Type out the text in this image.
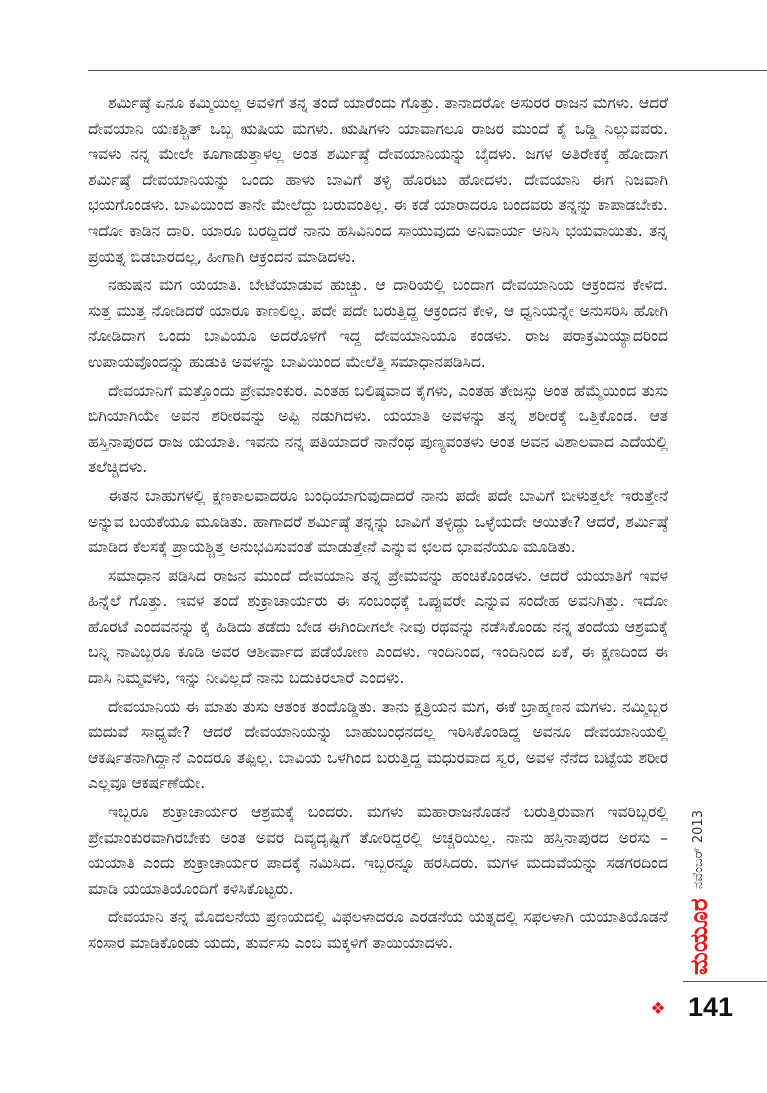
ಶರ್ಮಿಷ್ಠೆ ಏನೂ ಕಮ್ಮಿಯಿಲ್ಲ ಅವಳಿಗೆ ತನ್ನ ತಂದೆ ಯಾರೆಂದು ಗೊತ್ತು. ತಾನಾದರೋ ಅಸುರರ ರಾಜನ ಮಗಳು. ಆದರೆ ದೇವಯಾನಿ ಯಃಕಶ್ಚಿತ್ ಒಬ್ಬ ಋಷಿಯ ಮಗಳು. ಋಷಿಗಳು ಯಾವಾಗಲೂ ರಾಜರ ಮುಂದೆ ಕೈ ಒಡ್ಡಿ ನಿಲ್ಲುವವರು. ಇವಳು ನನ್ನ ಮೇಲೇ ಕೂಗಾಡುತ್ತಾಳಲ್ಲ ಅಂತ ಶರ್ಮಿಷ್ಠೆ ದೇವಯಾನಿಯನ್ನು ಬೈದಳು. ಜಗಳ ಅತಿರೇಕಕ್ಕೆ ಹೋದಾಗ ಶರ್ಮಿಷ್ಠೆ ದೇವಯಾನಿಯನ್ನು ಒಂದು ಹಾಳು ಬಾವಿಗೆ ತಳ್ಳಿ ಹೊರಟು ಹೋದಳು. ದೇವಯಾನಿ ಈಗ ನಿಜವಾಗಿ ಭಯಗೊಂಡಳು. ಬಾವಿಯಿಂದ ತಾನೇ ಮೇಲೆದ್ದು ಬರುವಂತಿಲ್ಲ. ಈ ಕಡೆ ಯಾರಾದರೂ ಬಂದವರು ತನ್ನನ್ನು ಕಾಪಾಡಬೇಕು. ಇದೋ ಕಾಡಿನ ದಾರಿ. ಯಾರೂ ಬರದ್ದಿದರೆ ನಾನು ಹಸಿವಿನಿಂದ ಸಾಯುವುದು ಅನಿವಾರ್ಯ ಅನಿಸಿ ಭಯವಾಯಿತು. ತನ್ನ ಪ್ರಯತ್ನ ಬಿಡಬಾರದಲ್ಲ, ಹೀಗಾಗಿ ಆಕ್ರಂದನ ಮಾಡಿದಳು.

ನಹುಷನ ಮಗ ಯಯಾತಿ. ಬೇಟೆಯಾಡುವ ಹುಚ್ಚು. ಆ ದಾರಿಯಲ್ಲಿ ಬಂದಾಗ ದೇವಯಾನಿಯ ಆಕ್ರಂದನ ಕೇಳಿದ. ಸುತ್ತ ಮುತ್ತ ನೋಡಿದರೆ ಯಾರೂ ಕಾಣಲಿಲ್ಲ. ಪದೇ ಪದೇ ಬರುತ್ತಿದ್ದ ಆಕ್ರಂದನ ಕೇಳಿ, ಆ ಧ್ವನಿಯನ್ನೇ ಅನುಸರಿಸಿ ಹೋಗಿ ನೋಡಿದಾಗ ಒಂದು ಬಾವಿಯೂ ಅದರೊಳಗೆ ಇದ್ದ ದೇವಯಾನಿಯೂ ಕಂಡಳು. ರಾಜ ಪರಾಕ್ರಮಿಯ್ಯಾದರಿಂದ ಉಪಾಯವೊಂದನ್ನು ಹುಡುಕಿ ಅವಳನ್ನು ಬಾವಿಯಿಂದ ಮೇಲೆತ್ತಿ ಸಮಾಧಾನಪಡಿಸಿದ.

ದೇವಯಾನಿಗೆ ಮತ್ತೊಂದು ಪ್ರೇಮಾಂಕುರ. ಎಂತಹ ಬಲಿಷ್ಠವಾದ ಕೈಗಳು, ಎಂತಹ ತೇಜಸ್ಸು ಅಂತ ಹೆಮ್ಮೆಯಿಂದ ತುಸು ಬಿಗಿಯಾಗಿಯೇ ಅವನ ಶರೀರವನ್ನು ಅಪ್ಪಿ ನಡುಗಿದಳು. ಯಯಾತಿ ಅವಳನ್ನು ತನ್ನ ಶರೀರಕ್ಕೆ ಒತ್ತಿಕೊಂಡ. ಆತ ಹಸ್ತಿನಾಪುರದ ರಾಜ ಯಯಾತಿ. ಇವನು ನನ್ನ ಪತಿಯಾದರೆ ನಾನೆಂಥ ಪುಣ್ಯವಂತಳು ಅಂತ ಅವನ ವಿಶಾಲವಾದ ಎದೆಯಲ್ಲಿ ತಲೆಚ್ಚಿದಳು.

ಈತನ ಬಾಹುಗಳಲ್ಲಿ ಕ್ಷಣಕಾಲವಾದರೂ ಬಂಧಿಯಾಗುವುದಾದರೆ ನಾನು ಪದೇ ಪದೇ ಬಾವಿಗೆ ಬೀಳುತ್ತಲೇ ಇರುತ್ತೇನೆ ಅನ್ನುವ ಬಯಕೆಯೂ ಮೂಡಿತು. ಹಾಗಾದರೆ ಶರ್ಮಿಷ್ಠೆ ತನ್ನನ್ನು ಬಾವಿಗೆ ತಳ್ಳಿದ್ದು ಒಳ್ಳೆಯದೇ ಆಯಿತೇ? ಆದರೆ, ಶರ್ಮಿಷ್ಠೆ ಮಾಡಿದ ಕೆಲಸಕ್ಕೆ ಪ್ರಾಯಶ್ಚಿತ್ತ ಅನುಭವಿಸುವಂತೆ ಮಾಡುತ್ತೇನೆ ಎನ್ನುವ ಛಲದ ಭಾವನೆಯೂ ಮೂಡಿತು.

ಸಮಾಧಾನ ಪಡಿಸಿದ ರಾಜನ ಮುಂದೆ ದೇವಯಾನಿ ತನ್ನ ಪ್ರೇಮವನ್ನು ಹಂಚಿಕೊಂಡಳು. ಆದರೆ ಯಯಾತಿಗೆ ಇವಳ ಹಿನ್ನೆಲೆ ಗೊತ್ತು. ಇವಳ ತಂದೆ ಶುಕ್ರಾಚಾರ್ಯರು ಈ ಸಂಬಂಧಕ್ಕೆ ಒಪ್ಪುವರೇ ಎನ್ನುವ ಸಂದೇಹ ಅವನಿಗಿತ್ತು. ಇದೋ ಹೊರಟೆ ಎಂದವನನ್ನು ಕೈ ಹಿಡಿದು ತಡೆದು ಬೇಡ ಈಗಿಂದೀಗಲೇ ನೀವು ರಥವನ್ನು ನಡೆಸಿಕೊಂಡು ನನ್ನ ತಂದೆಯ ಆಶ್ರಮಕ್ಕೆ ಬನ್ನಿ ನಾವಿಬ್ಬರೂ ಕೂಡಿ ಅವರ ಆಶೀರ್ವಾದ ಪಡೆಯೋಣ ಎಂದಳು. ಇಂದಿನಿಂದ, ಇಂದಿನಿಂದ ಏಕೆ, ಈ ಕ್ಷಣದಿಂದ ಈ ದಾಸಿ ನಿಮ್ಮವಳು, ಇನ್ನು ನೀವಿಲ್ಲದೆ ನಾನು ಬದುಕಿರಲಾರೆ ಎಂದಳು.

ದೇವಯಾನಿಯ ಈ ಮಾತು ತುಸು ಆತಂಕ ತಂದೊಡ್ಡಿತು. ತಾನು ಕ್ಷತ್ರಿಯನ ಮಗ, ಈಕೆ ಬ್ರಾಹ್ಮಣನ ಮಗಳು. ನಮ್ಮಿಬ್ಬರ ಮದುವೆ ಸಾಧ್ಯವೇ? ಆದರೆ ದೇವಯಾನಿಯನ್ನು ಬಾಹುಬಂಧನದಲ್ಲ ಇರಿಸಿಕೊಂಡಿದ್ದ ಅವನೂ ದೇವಯಾನಿಯಲ್ಲಿ ಆಕರ್ಷಿತನಾಗಿದ್ದಾನೆ ಎಂದರೂ ತಪ್ಪಿಲ್ಲ. ಬಾವಿಯ ಒಳಗಿಂದ ಬರುತ್ತಿದ್ದ ಮಧುರವಾದ ಸ್ವರ, ಅವಳ ನೆನೆದ ಬಟ್ಟೆಯ ಶರೀರ ಎಲ್ಲವೂ ಆಕರ್ಷಣೆಯೇ.

ಇಬ್ಬರೂ ಶುಕ್ರಾಚಾರ್ಯರ ಆಶ್ರಮಕ್ಕೆ ಬಂದರು. ಮಗಳು ಮಹಾರಾಜನೊಡನೆ ಬರುತ್ತಿರುವಾಗ ಇವರಿಬ್ಬರಲ್ಲಿ ಪ್ರೇಮಾಂಕುರವಾಗಿರಬೇಕು ಅಂತ ಅವರ ದಿವ್ಯದೃಷ್ಟಿಗೆ ತೋರಿದ್ದರಲ್ಲಿ ಅಚ್ಚರಿಯಿಲ್ಲ. ನಾನು ಹಸ್ತಿನಾಪುರದ ಅರಸು – ಯಯಾತಿ ಎಂದು ಶುಕ್ರಾಚಾರ್ಯರ ಪಾದಕ್ಕೆ ನಮಿಸಿದ. ಇಬ್ಬರನ್ನೂ ಹರಸಿದರು. ಮಗಳ ಮದುವೆಯನ್ನು ಸಡಗರದಿಂದ ಮಾಡಿ ಯಯಾತಿಯೊಂದಿಗೆ ಕಳಿಸಿಕೊಟ್ಟರು.

ದೇವಯಾನಿ ತನ್ನ ಮೊದಲನೆಯ ಪ್ರಣಯದಲ್ಲಿ ವಿಫಲಳಾದರೂ ಎರಡನೆಯ ಯತ್ನದಲ್ಲಿ ಸಫಲಳಾಗಿ ಯಯಾತಿಯೊಡನೆ ಸಂಸಾರ ಮಾಡಿಕೊಂಡು ಯದು, ತುರ್ವಸು ಎಂಬ ಮಕ್ಕಳಿಗೆ ತಾಯಿಯಾದಳು.

ನವೆಂಬರ್ 2013
ಮಯೂರ
❖ 141
